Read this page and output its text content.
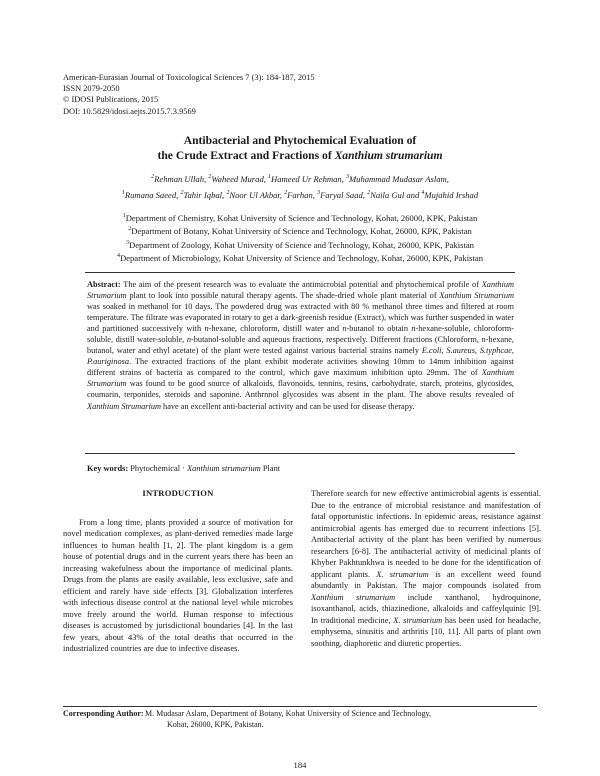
American-Eurasian Journal of Toxicological Sciences 7 (3): 184-187, 2015
ISSN 2079-2050
© IDOSI Publications, 2015
DOI: 10.5829/idosi.aejts.2015.7.3.9569
Antibacterial and Phytochemical Evaluation of
the Crude Extract and Fractions of Xanthium strumarium
$^2$Rehman Ullah, $^2$Waheed Murad, $^1$Hameed Ur Rehman, $^3$Muhammad Mudasar Aslam,
$^1$Rumana Saeed, $^2$Tahir Iqbal, $^2$Noor Ul Akbar, $^2$Farhan, $^3$Faryal Saad, $^2$Naila Gul and $^4$Mujahid Irshad
$^1$Department of Chemistry, Kohat University of Science and Technology, Kohat, 26000, KPK, Pakistan
$^2$Department of Botany, Kohat University of Science and Technology, Kohat, 26000, KPK, Pakistan
$^3$Department of Zoology, Kohat University of Science and Technology, Kohat, 26000, KPK, Pakistan
$^4$Department of Microbiology, Kohat University of Science and Technology, Kohat, 26000, KPK, Pakistan
Abstract: The aim of the present research was to evaluate the antimicrobial potential and phytochemical profile of Xanthium Strumarium plant to look into possible natural therapy agents. The shade-dried whole plant material of Xanthium Strumarium was soaked in methanol for 10 days. The powdered drug was extracted with 80 % methanol three times and filtered at room temperature. The filtrate was evaporated in rotary to get a dark-greenish residue (Extract), which was further suspended in water and partitioned successively with n-hexane, chloroform, distill water and n-butanol to obtain n-hexane-soluble, chloroform-soluble, distill water-soluble, n-butanol-soluble and aqueous fractions, respectively. Different fractions (Chloroform, n-hexane, butanol, water and ethyl acetate) of the plant were tested against various bacterial strains namely E.coli, S.aureus, S.typhcae, P.auriginosa. The extracted fractions of the plant exhibit moderate activities showing 10mm to 14mm inhibition against different strains of bacteria as compared to the control, which gave maximum inhibition upto 29mm. The of Xanthium Strumarium was found to be good source of alkaloids, flavonoids, tennins, resins, carbohydrate, starch, proteins, glycosides, coumarin, terponides, steroids and saponine. Anthrnnol glycosides was absent in the plant. The above results revealed of Xanthium Strumarium have an excellent anti-bacterial activity and can be used for disease therapy.
Key words: Phytochemical · Xanthium strumarium Plant
INTRODUCTION

From a long time, plants provided a source of motivation for novel medication complexes, as plant-derived remedies made large influences to human health [1, 2]. The plant kingdom is a gem house of potential drugs and in the current years there has been an increasing wakefulness about the importance of medicinal plants. Drugs from the plants are easily available, less exclusive, safe and efficient and rarely have side effects [3]. Globalization interferes with infectious disease control at the national level while microbes move freely around the world. Human response to infectious diseases is accustomed by jurisdictional boundaries [4]. In the last few years, about 43% of the total deaths that occurred in the industrialized countries are due to infective diseases.

Therefore search for new effective antimicrobial agents is essential. Due to the entrance of microbial resistance and manifestation of fatal opportunistic infections. In epidemic areas, resistance against antimicrobial agents has emerged due to recurrent infections [5]. Antibacterial activity of the plant has been verified by numerous researchers [6-8]. The antibacterial activity of medicinal plants of Khyber Pakhtunkhwa is needed to be done for the identification of applicant plants. X. strumarium is an excellent weed found abundantly in Pakistan. The major compounds isolated from Xanthium strumarium include xanthanol, hydroquinone, isoxanthanol, acids, thiazinedione, alkaloids and caffeylquinic [9]. In traditional medicine, X. strumarium has been used for headache, emphysema, sinusitis and arthritis [10, 11]. All parts of plant own soothing, diaphoretic and diuretic properties.

Corresponding Author:M. Mudasar Aslam, Department of Botany, Kohat University of Science and Technology,
Kohat, 26000, KPK, Pakistan.
184
